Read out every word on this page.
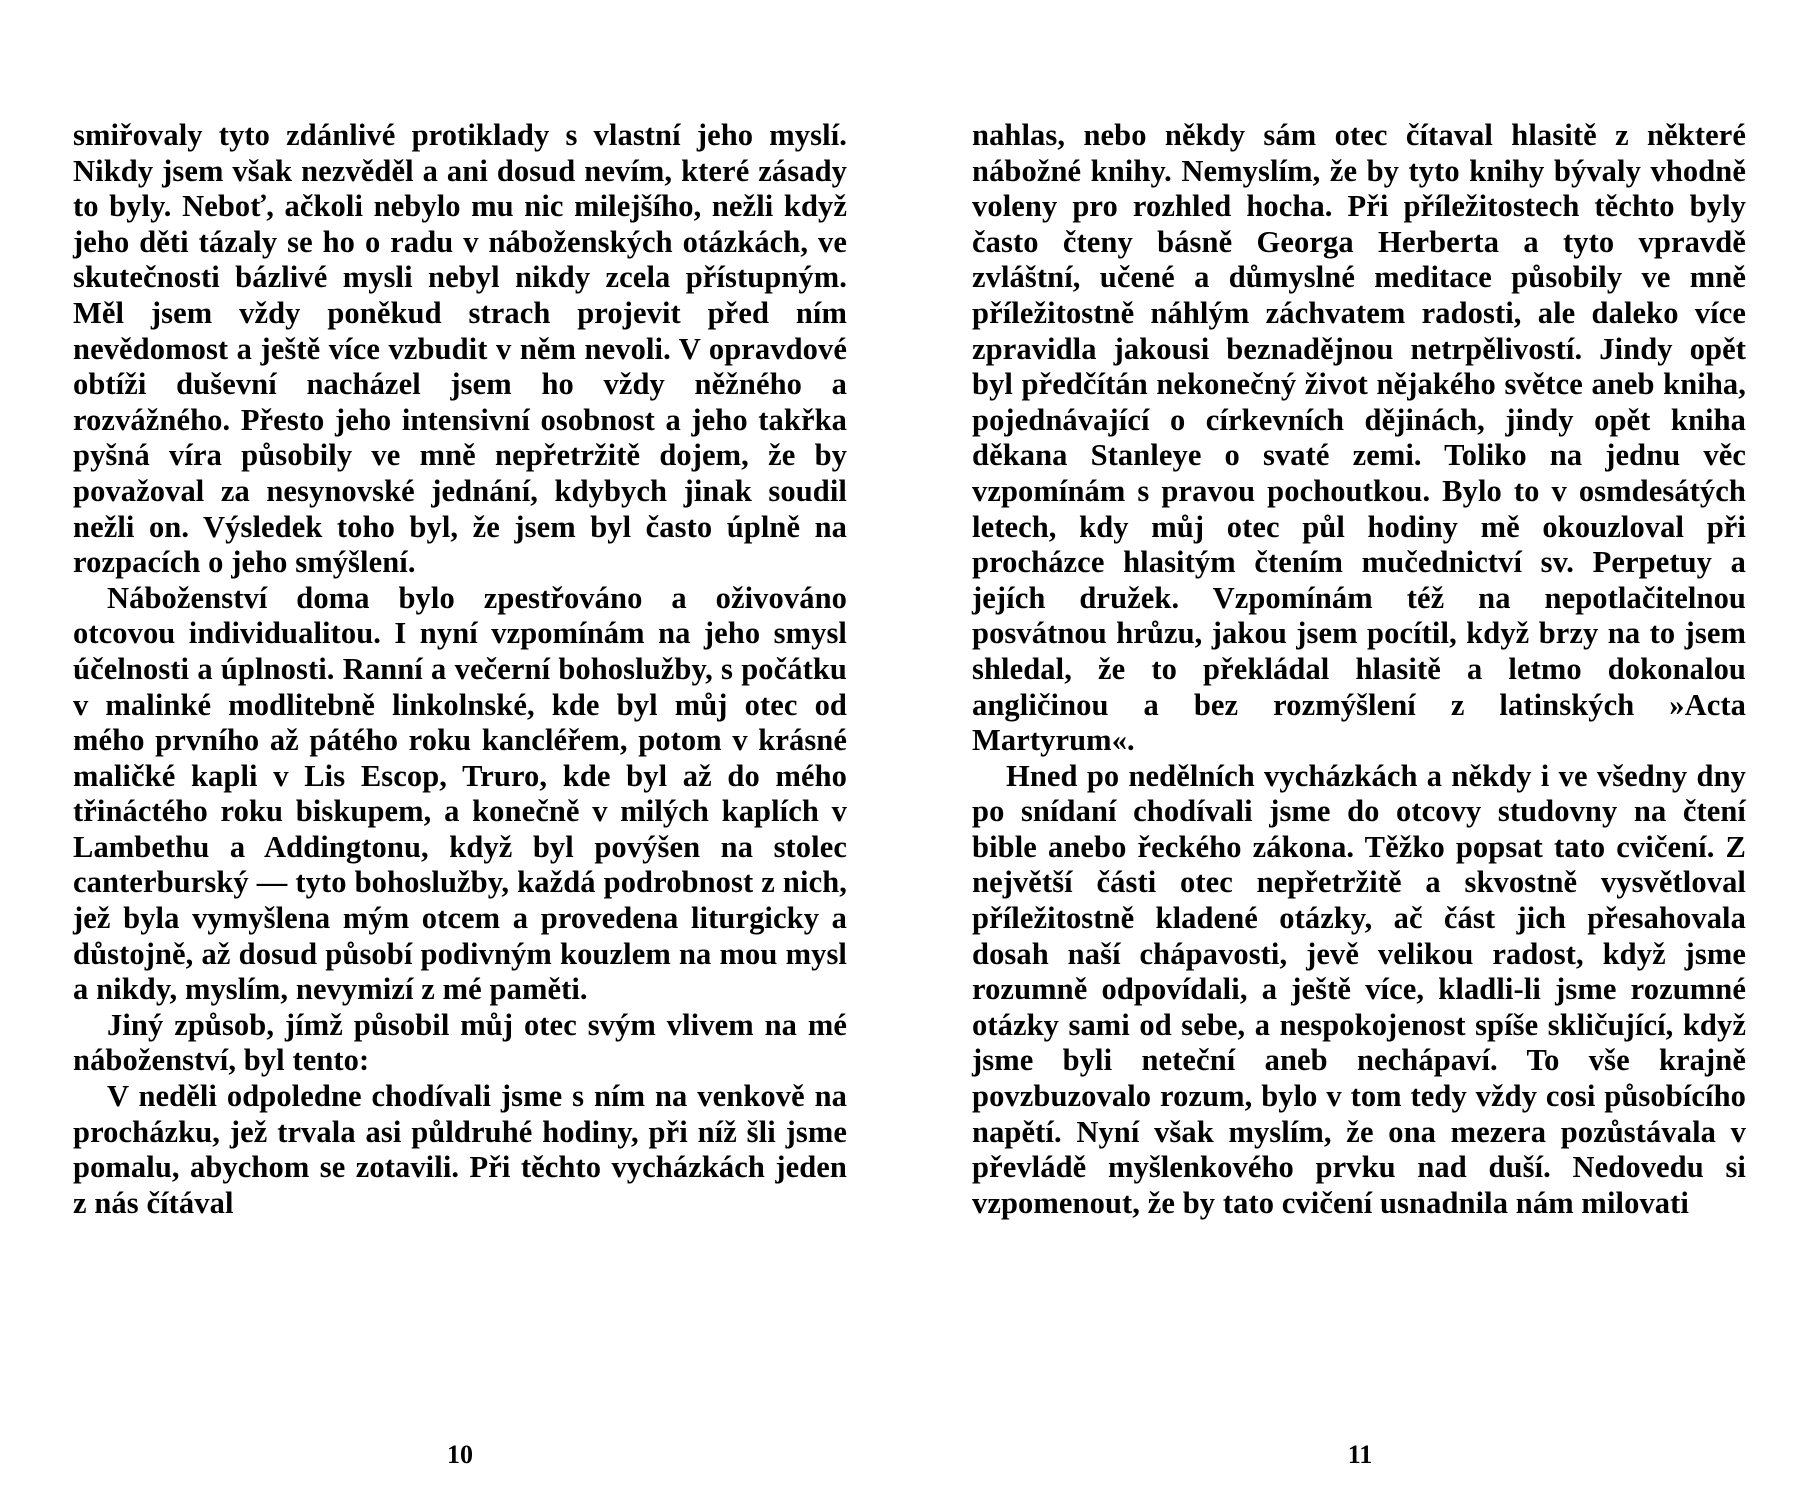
smiřovaly tyto zdánlivé protiklady s vlastní jeho myslí. Nikdy jsem však nezvěděl a ani dosud nevím, které zásady to byly. Neboť, ačkoli nebylo mu nic milejšího, nežli když jeho děti tázaly se ho o radu v náboženských otázkách, ve skutečnosti bázlivé mysli nebyl nikdy zcela přístupným. Měl jsem vždy poněkud strach projevit před ním nevědomost a ještě více vzbudit v něm nevoli. V opravdové obtíži duševní nacházel jsem ho vždy něžného a rozvážného. Přesto jeho intensivní osobnost a jeho takřka pyšná víra působily ve mně nepřetržitě dojem, že by považoval za nesynovské jednání, kdybych jinak soudil nežli on. Výsledek toho byl, že jsem byl často úplně na rozpacích o jeho smýšlení.

Náboženství doma bylo zpestřováno a oživováno otcovou individualitou. I nyní vzpomínám na jeho smysl účelnosti a úplnosti. Ranní a večerní bohoslužby, s počátku v malinké modlitebně linkolnské, kde byl můj otec od mého prvního až pátého roku kancléřem, potom v krásné maličké kapli v Lis Escop, Truro, kde byl až do mého třináctého roku biskupem, a konečně v milých kaplích v Lambethu a Addingtonu, když byl povýšen na stolec canterburský — tyto bohoslužby, každá podrobnost z nich, jež byla vymyšlena mým otcem a provedena liturgicky a důstojně, až dosud působí podivným kouzlem na mou mysl a nikdy, myslím, nevymizí z mé paměti.

Jiný způsob, jímž působil můj otec svým vlivem na mé náboženství, byl tento:

V neděli odpoledne chodívali jsme s ním na venkově na procházku, jež trvala asi půldruhé hodiny, při níž šli jsme pomalu, abychom se zotavili. Při těchto vycházkách jeden z nás čítával

nahlas, nebo někdy sám otec čítaval hlasitě z některé nábožné knihy. Nemyslím, že by tyto knihy bývaly vhodně voleny pro rozhled hocha. Při příležitostech těchto byly často čteny básně Georga Herberta a tyto vpravdě zvláštní, učené a důmyslné meditace působily ve mně příležitostně náhlým záchvatem radosti, ale daleko více zpravidla jakousi beznadějnou netrpělivostí. Jindy opět byl předčítán nekonečný život nějakého světce aneb kniha, pojednávající o církevních dějinách, jindy opět kniha děkana Stanleye o svaté zemi. Toliko na jednu věc vzpomínám s pravou pochoutkou. Bylo to v osmdesátých letech, kdy můj otec půl hodiny mě okouzloval při procházce hlasitým čtením mučednictví sv. Perpetuy a jejích družek. Vzpomínám též na nepotlačitelnou posvátnou hrůzu, jakou jsem pocítil, když brzy na to jsem shledal, že to překládal hlasitě a letmo dokonalou angličinou a bez rozmýšlení z latinských »Acta Martyrum«.

Hned po nedělních vycházkách a někdy i ve všedny dny po snídaní chodívali jsme do otcovy studovny na čtení bible anebo řeckého zákona. Těžko popsat tato cvičení. Z největší části otec nepřetržitě a skvostně vysvětloval příležitostně kladené otázky, ač část jich přesahovala dosah naší chápavosti, jevě velikou radost, když jsme rozumně odpovídali, a ještě více, kladli-li jsme rozumné otázky sami od sebe, a nespokojenost spíše skličující, když jsme byli neteční aneb nechápaví. To vše krajně povzbuzovalo rozum, bylo v tom tedy vždy cosi působícího napětí. Nyní však myslím, že ona mezera pozůstávala v převládě myšlenkového prvku nad duší. Nedovedu si vzpomenout, že by tato cvičení usnadnila nám milovati

10	11
